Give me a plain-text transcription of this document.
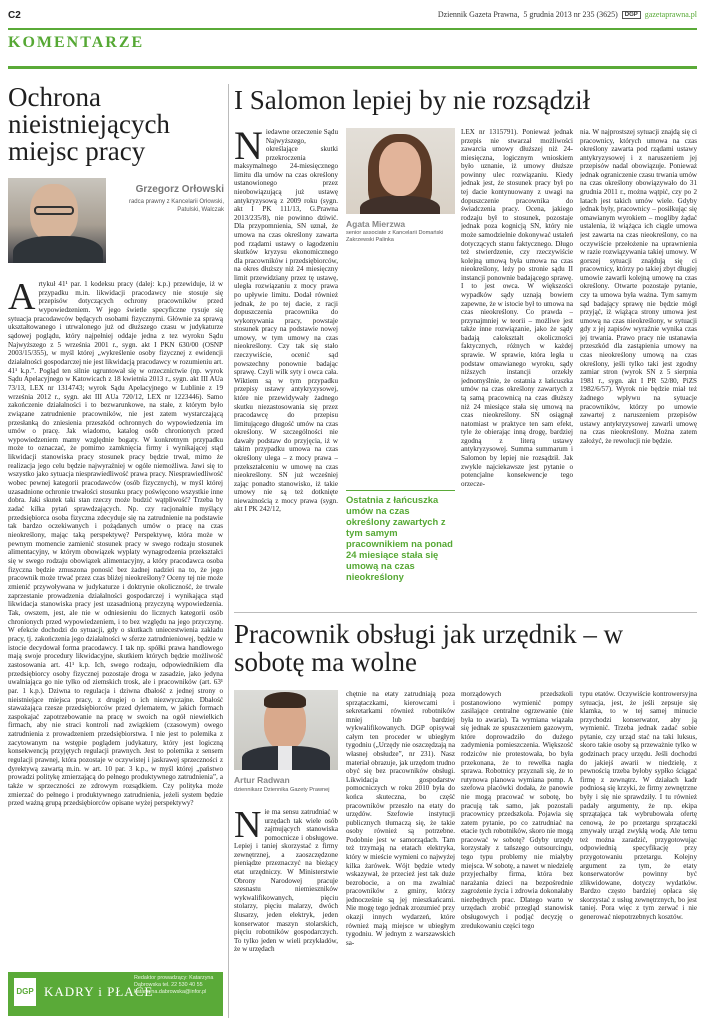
C2	Dziennik Gazeta Prawna, 5 grudnia 2013 nr 235 (3625)	DGP gazetaprawna.pl
KOMENTARZE
Ochrona nieistniejących miejsc pracy
Grzegorz Orłowski
radca prawny z Kancelarii Orłowski, Patulski, Walczak
Artykuł 41¹ par. 1 kodeksu pracy (dalej: k.p.) przewiduje, iż w przypadku m.in. likwidacji pracodawcy nie stosuje się przepisów dotyczących ochrony pracowników przed wypowiedzeniem. W jego świetle specyficzne rysuje się sytuacja pracodawców będących osobami fizycznymi. Głównie za sprawą ukształtowanego i utrwalonego już od dłuższego czasu w judykaturze sądowej poglądu, który najpełniej oddaje jedna z tez wyroku Sądu Najwyższego z 5 września 2001 r., sygn. akt I PKN 630/00 (OSNP 2003/15/355), w myśl której „wykreślenie osoby fizycznej z ewidencji działalności gospodarczej nie jest likwidacją pracodawcy w rozumieniu art. 41¹ k.p.”. Pogląd ten silnie ugruntował się w orzecznictwie (np. wyrok Sądu Apelacyjnego w Katowicach z 18 kwietnia 2013 r., sygn. akt III AUa 73/13, LEX nr 1314743; wyrok Sądu Apelacyjnego w Lublinie z 19 września 2012 r., sygn. akt III AUa 720/12, LEX nr 1223446). Samo zakończenie działalności i to bezwarunkowe, na stałe, z którym było związane zatrudnienie pracowników, nie jest zatem wystarczającą przesłanką do zniesienia przeszkód ochronnych do wypowiedzenia im umów o pracę. Jak wiadomo, katalog osób chronionych przed wypowiedzeniem mamy względnie bogaty. W konkretnym przypadku może to oznaczać, że pomimo zamknięcia firmy i wynikającej stąd likwidacji stanowiska pracy stosunek pracy będzie trwał, mimo że realizacja jego celu będzie najwyraźniej w ogóle niemożliwa. Jawi się to wszystko jako sytuacja niesprawiedliwość prawa pracy. Niesprawiedliwość wobec pewnej kategorii pracodawców (osób fizycznych), w myśl której uzasadnione ochronie trwałości stosunku pracy poświęcono wszystkie inne dobra. Jaki skutek taki stan rzeczy może budzić wątpliwość? Trzeba by zadać kilka pytań sprawdzających. Np. czy racjonalnie myślący przedsiębiorca osoba fizyczna zdecyduje się na zatrudnienie na podstawie tak bardzo oczekiwanych i pożądanych umów o pracę na czas nieokreślony, mając taką perspektywę? Perspektywę, która może w pewnym momencie zamienić stosunek pracy w swego rodzaju stosunek alimentacyjny, w którym obowiązek wypłaty wynagrodzenia przekształci się w swego rodzaju obowiązek alimentacyjny, a który pracodawca osoba fizyczna będzie zmuszona ponosić bez żadnej nadziei na to, że jego pracownik może trwać przez czas bliżej nieokreślony? Oceny tej nie może zmienić przywoływana w judykaturze i doktrynie okoliczność, że trwale zaprzestanie prowadzenia działalności gospodarczej i wynikająca stąd likwidacja stanowiska pracy jest uzasadnioną przyczyną wypowiedzenia. Tak, owszem, jest, ale nie w odniesieniu do licznych kategorii osób chronionych przed wypowiedzeniem, i to bez względu na jego przyczynę. W efekcie dochodzi do sytuacji, gdy o skutkach uniecestwienia zakładu pracy, tj. zakończenia jego działalności w sferze zatrudnieniowej, będzie w istocie decydował forma pracodawcy. I tak np. spółki prawa handlowego mają swoje procedury likwidacyjne, skutkiem których będzie możliwość zastosowania art. 41¹ k.p. Ich, swego rodzaju, odpowiednikiem dla przedsiębiorcy osoby fizycznej pozostaje droga w zasadzie, jako jedyna uwalniająca go nie tylko od ziemskich trosk, ale i pracowników (art. 63¹ par. 1 k.p.). Dziwna to regulacja i dziwna dbałość z jednej strony o nieistniejące miejsca pracy, z drugiej o ich niezwyczajne. Dbałość staważająca rzesze przedsiębiorców przed dylematem, w jakich formach zaspokajać zapotrzebowanie na pracę w swoich na ogół niewielkich firmach, aby nie straci kontroli nad związkiem (czasowym) owego zatrudnienia z prowadzeniem przedsiębiorstwa. I nie jest to polemika z zacytowanym na wstępie poglądem judykatury, który jest logiczną konsekwencją przyjętych regulacji prawnych. Jest to polemika z sensem regulacji prawnej, która pozostaje w oczywistej i jaskrawej sprzeczności z dyrektywą zawartą m.in. w art. 10 par. 3 k.p., w myśl której „państwo prowadzi politykę zmierzającą do pełnego produktywnego zatrudnienia”, a także w sprzeczności ze zdrowym rozsądkiem. Czy polityka może zmierzać do pełnego i produktywnego zatrudnienia, jeżeli system będzie przed ważną grupą przedsiębiorców opisane wyżej perspektywy?
DGP KADRY i PŁACE
Redaktor prowadzący: Katarzyna Dąbrowska tel. 22 530 40 55 katarzyna.dabrowska@infor.pl
I Salomon lepiej by nie rozsądził
Niedawne orzeczenie Sądu Najwyższego, określające skutki przekroczenia maksymalnego 24-miesięcznego limitu dla umów na czas określony ustanowionego przez nieobowiązującą już ustawę antykryzysową z 2009 roku (sygn. akt I PK 111/13, G.Prawna 2013/235/8), nie powinno dziwić. Dla przypomnienia, SN uznał, że umowa na czas określony zawarta pod rządami ustawy o łagodzeniu skutków kryzysu ekonomicznego dla pracowników i przedsiębiorców, na okres dłuższy niż 24 miesięczny limit przewidziany przez tę ustawę, uległa rozwiązaniu z mocy prawa po upływie limitu. Dodał również jednak, że po tej dacie, z racji dopuszczenia pracownika do wykonywania pracy, powstaje stosunek pracy na podstawie nowej umowy, w tym umowy na czas nieokreślony. Czy tak się stało rzeczywiście, ocenić sąd powszechny ponownie badając sprawę. Czyli wilk syty i owca cała. Wiktiem są w tym przypadku przepisy ustawy antykryzysowej, które nie przewidywały żadnego skutku niezastosowania się przez pracodawcę do przepisu limitującego długość umów na czas określony. W szczególności nie dawały podstaw do przyjęcia, iż w takim przypadku umowa na czas określony ulega – z mocy prawa – przekształceniu w umowę na czas nieokreślony. SN już wcześniej zając ponadto stanowisko, iż takie umowy nie są też dotknięte nieważnością z mocy prawa (sygn. akt I PK 242/12,
Agata Mierzwa
senior associate z Kancelarii Domański Zakrzewski Palinka
Ostatnia z łańcuszka umów na czas określony zawartych z tym samym pracownikiem na ponad 24 miesiące stała się umową na czas nieokreślony
LEX nr 1315791). Ponieważ jednak przepis nie stwarzał możliwości zawarcia umowy dłuższej niż 24-miesięczna, logicznym wnioskiem było uznanie, iż umowy dłuższe powinny ulec rozwiązaniu. Kiedy jednak jest, że stosunek pracy był po tej dacie kontynuowany z uwagi na dopuszczenie pracownika do świadczenia pracy. Ocena, jakiego rodzaju był to stosunek, pozostaje jednak poza kognicją SN, który nie może samodzielnie dokonywać ustaleń dotyczących stanu faktycznego. Długo też stwierdzenie, czy rzeczywiście kolejną umową była umowa na czas nieokreślony, leży po stronie sądu II instancji ponownie badającego sprawę. I to jest owca. W większości wypadków sądy uznają bowiem zapewne, że w istocie był to umowa na czas nieokreślony. Co prawda – przynajmniej w teorii – możliwe jest także inne rozwiązanie, jako że sądy badają całokształt okoliczności faktycznych, różnych w każdej sprawie. W sprawie, która legła u podstaw omawianego wyroku, sądy niższych instancji orzekły jednomyślnie, że ostatnia z łańcuszka umów na czas określony zawartych z tą samą pracownicą na czas dłuższy niż 24 miesiące stała się umową na czas nieokreślony. SN osiągnął natomiast w praktyce ten sam efekt, tyle że obierając inną drogę, bardziej zgodną z literą ustawy antykryzysowej. Summa summarum i Salomon by lepiej nie rozsądził. Jak zwykle najciekawsze jest pytanie o potencjalne konsekwencje tego orzecze-
nia. W najprostszej sytuacji znajdą się ci pracownicy, których umowa na czas określony zawarta pod rządami ustawy antykryzysowej i z naruszeniem jej przepisów nadal obowiązuje. Ponieważ jednak ograniczenie czasu trwania umów na czas określony obowiązywało do 31 grudnia 2011 r., można wątpić, czy po 2 latach jest takich umów wiele. Gdyby jednak były, pracownicy – posiłkując się omawianym wyrokiem – mogliby żądać ustalenia, iż wiążąca ich ciągle umowa jest zawarta na czas nieokreślony, co na oczywiście przełożenie na uprawnienia w razie rozwiązywania takiej umowy. W gorszej sytuacji znajdują się ci pracownicy, którzy po takiej zbyt długiej umowie zawarli kolejną umowę na czas określony. Otwarte pozostaje pytanie, czy ta umowa była ważna. Tym samym sąd badający sprawę nie będzie mógł przyjąć, iż wiążąca strony umowa jest umową na czas nieokreślony, w sytuacji gdy z jej zapisów wyraźnie wynika czas jej trwania. Prawo pracy nie ustanawia przeszkód dla zastąpienia umowy na czas nieokreślony umową na czas określony, jeśli tylko taki jest zgodny zamiar stron (wyrok SN z 5 sierpnia 1981 r., sygn. akt I PR 52/80, PiZS 1982/6/57). Wyrok nie będzie miał też żadnego wpływu na sytuacje pracowników, którzy po umowie zawartej z naruszeniem przepisów ustawy antykryzysowej zawarli umowę na czas nieokreślony. Można zatem założyć, że rewolucji nie będzie.
Pracownik obsługi jak urzędnik – w sobotę ma wolne
Artur Radwan
dziennikarz Dziennika Gazety Prawnej
Nie ma sensu zatrudniać w urzędach tak wiele osób zajmujących stanowiska pomocnicze i obsługowe. Lepiej i taniej skorzystać z firmy zewnętrznej, a zaoszczędzone pieniądze przeznaczyć na bieżący etat urzędniczy. W Ministerstwie Obrony Narodowej pracuje szesnastu niemieszników wykwalifikowanych, pięciu stolarzy, pięciu malarzy, dwóch ślusarzy, jeden elektryk, jeden konserwator maszyn stolarskich, pięciu robotników gospodarczych. To tylko jeden w wieli przykładów, że w urzędach
chętnie na etaty zatrudniają poza sprzątaczkami, kierowcami i sekretarkami również robotników mniej lub bardziej wykwalifikowanych. DGP opisywał całym ten proceder w ubiegłym tygodniu („Urzędy nie oszczędzają na własnej obsłudze”, nr 231). Nasz materiał obrazuje, jak urzędom trudno obyć się bez pracowników obsługi. Likwidacja gospodarstw pomocniczych w roku 2010 była do końca skuteczna, bo część pracowników przeszło na etaty do urzędów. Szefowie instytucji publicznych tłumaczą się, że takie osoby również są potrzebne. Podobnie jest w samorządach. Tam też trzymają na etatach elektryka, który w mieście wymieni co najwyżej kilka żarówek. Wójt będzie wtedy wskazywał, że przecież jest tak duże bezrobocie, a on ma zwalniać pracowników z gminy, którzy jednocześnie są jej mieszkańcami. Nie mogę tego jednak zrozumieć przy okazji innych wydarzeń, które również mają miejsce w ubiegłym tygodniu. W jednym z warszawskich sa-
morządowych przedszkoli postanowiono wymienić pompy zasilające centralne ogrzewanie (nie była to awaria). Ta wymiana wiązała się jednak ze spuszczeniem gazowym, które doprowadziło do dużego zadymienia pomieszczenia. Większość rodziców nie protestowała, bo była przekonana, że to rewelka nagła sprawa. Robotnicy przyznali się, że to rutynowa planowa wymiana pomp. A szefowa placówki dodała, że panowie nie mogą pracować w sobotę, bo pracują tak samo, jak pozostali pracownicy przedszkola. Pojawia się zatem pytanie, po co zatrudniać na etacie tych robotników, skoro nie mogą pracować w sobotę? Gdyby urzędy korzystały z tańszego outsourcingu, tego typu problemy nie miałyby miejsca. W sobotę, a nawet w niedzielę przyjechałby firma, która bez narażania dzieci na bezpośrednie zagrożenie życia i zdrowia dokonałaby niezbędnych prac. Dlatego warto w urzędach zrobić przegląd stanowisk obsługowych i podjąć decyzję o zredukowaniu części tego
typu etatów. Oczywiście kontrowersyjna sytuacja, jest, że jeśli zepsuje się klamka, to w tej samej minucie przychodzi konserwator, aby ją wymienić. Trzeba jednak zadać sobie pytanie, czy urząd stać na taki luksus, skoro takie osoby są przeważnie tylko w godzinach pracy urzędu. Jeśli dochodzi do jakiejś awarii w niedzielę, z pewnością trzeba byłoby sypłko ściągać firmę z zewnątrz. W działach kadr podniosą się krzyki, że firmy zewnętrzne były i się nie sprawdziły. I tu również padały argumenty, że np. ekipa sprzątająca tak wybrubowała ofertę cenową, że po przetargu sprzątaczki zmywały urząd zwykłą wodą. Ale temu też można zaradzić, przygotowując odpowiednią specyfikację przy przygotowaniu przetargu. Kolejny argument za tym, że etaty konserwatorów powinny być zlikwidowane, dotyczy wydatków. Bardzo często bardziej opłaca się skorzystać z usług zewnętrznych, bo jest taniej. Pora więc z tym zerwać i nie generować niepotrzebnych kosztów.
